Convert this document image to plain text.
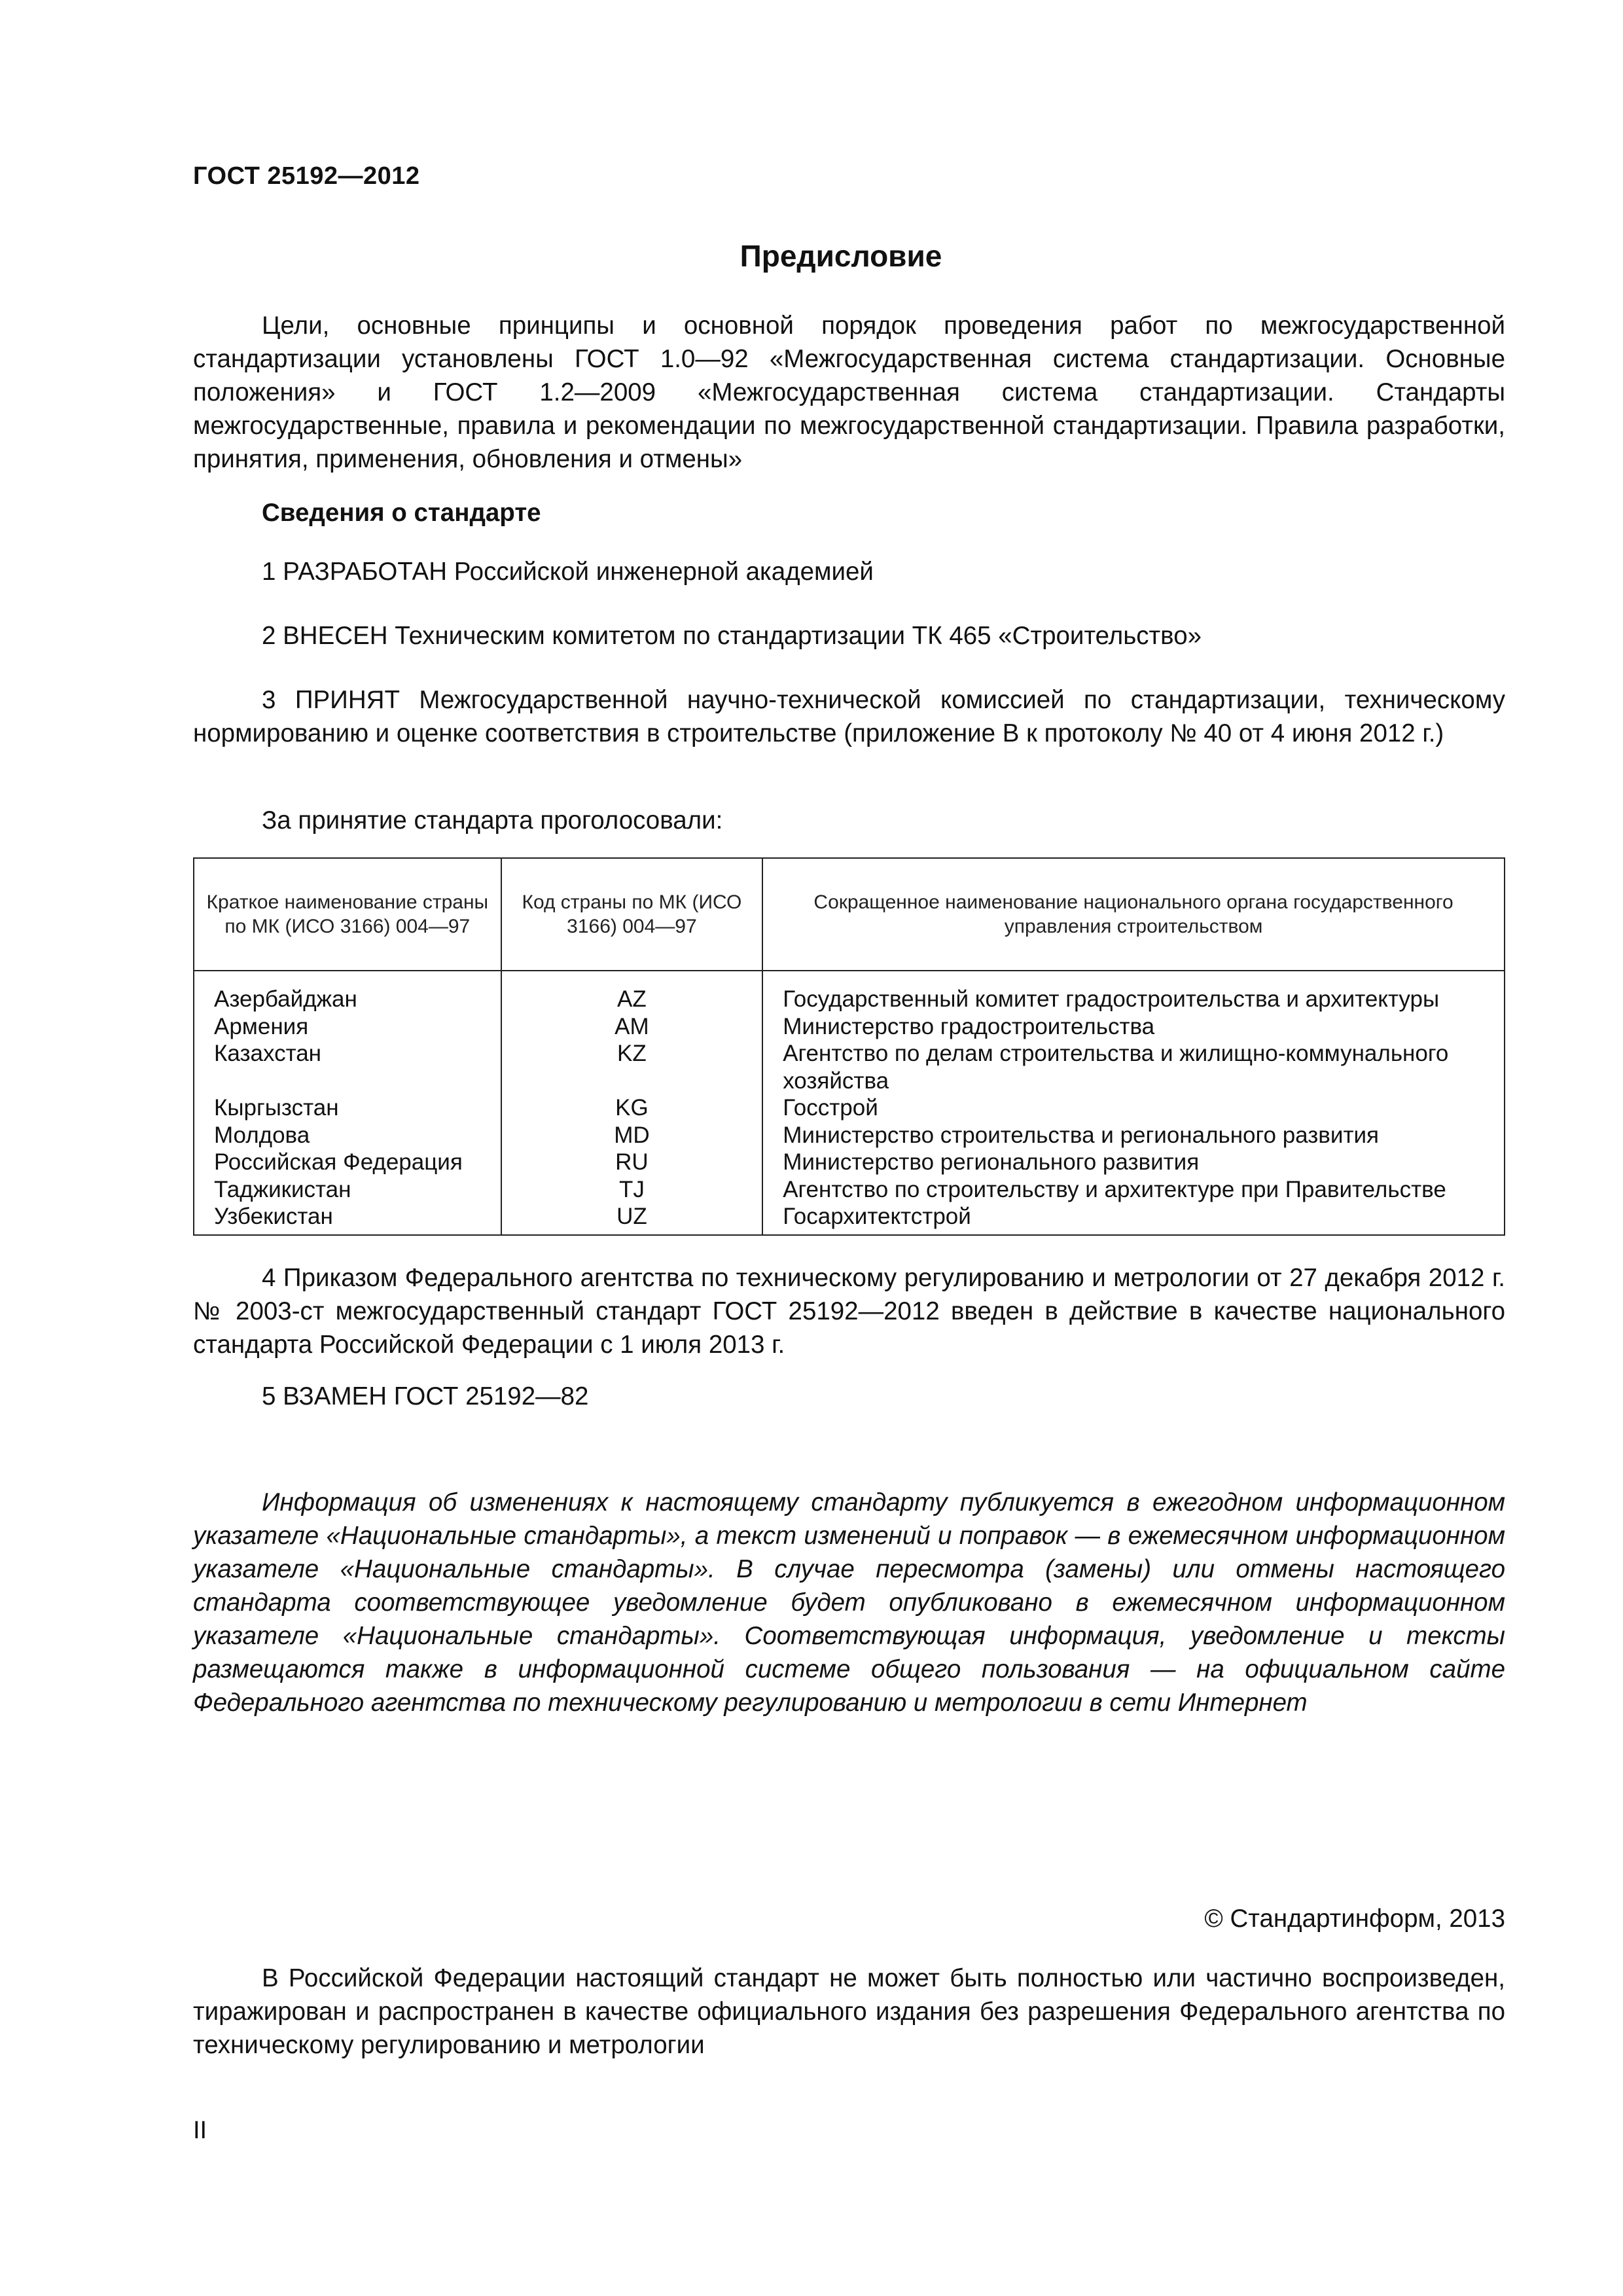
ГОСТ 25192—2012
Предисловие
Цели, основные принципы и основной порядок проведения работ по межгосударственной стандартизации установлены ГОСТ 1.0—92 «Межгосударственная система стандартизации. Основные положения» и ГОСТ 1.2—2009 «Межгосударственная система стандартизации. Стандарты межгосударственные, правила и рекомендации по межгосударственной стандартизации. Правила разработки, принятия, применения, обновления и отмены»
Сведения о стандарте
1 РАЗРАБОТАН Российской инженерной академией
2 ВНЕСЕН Техническим комитетом по стандартизации ТК 465 «Строительство»
3 ПРИНЯТ Межгосударственной научно-технической комиссией по стандартизации, техническому нормированию и оценке соответствия в строительстве (приложение В к протоколу № 40 от 4 июня 2012 г.)
За принятие стандарта проголосовали:
Краткое наименование страны по МК (ИСО 3166) 004—97	Код страны по МК (ИСО 3166) 004—97	Сокращенное наименование национального органа государственного управления строительством
Азербайджан	AZ	Государственный комитет градостроительства и архитектуры
Армения	AM	Министерство градостроительства
Казахстан	KZ	Агентство по делам строительства и жилищно-коммунального хозяйства
Кыргызстан	KG	Госстрой
Молдова	MD	Министерство строительства и регионального развития
Российская Федерация	RU	Министерство регионального развития
Таджикистан	TJ	Агентство по строительству и архитектуре при Правительстве
Узбекистан	UZ	Госархитектстрой
4 Приказом Федерального агентства по техническому регулированию и метрологии от 27 декабря 2012 г. № 2003-ст межгосударственный стандарт ГОСТ 25192—2012 введен в действие в качестве национального стандарта Российской Федерации с 1 июля 2013 г.
5 ВЗАМЕН ГОСТ 25192—82
Информация об изменениях к настоящему стандарту публикуется в ежегодном информационном указателе «Национальные стандарты», а текст изменений и поправок — в ежемесячном информационном указателе «Национальные стандарты». В случае пересмотра (замены) или отмены настоящего стандарта соответствующее уведомление будет опубликовано в ежемесячном информационном указателе «Национальные стандарты». Соответствующая информация, уведомление и тексты размещаются также в информационной системе общего пользования — на официальном сайте Федерального агентства по техническому регулированию и метрологии в сети Интернет
© Стандартинформ, 2013
В Российской Федерации настоящий стандарт не может быть полностью или частично воспроизведен, тиражирован и распространен в качестве официального издания без разрешения Федерального агентства по техническому регулированию и метрологии
II
